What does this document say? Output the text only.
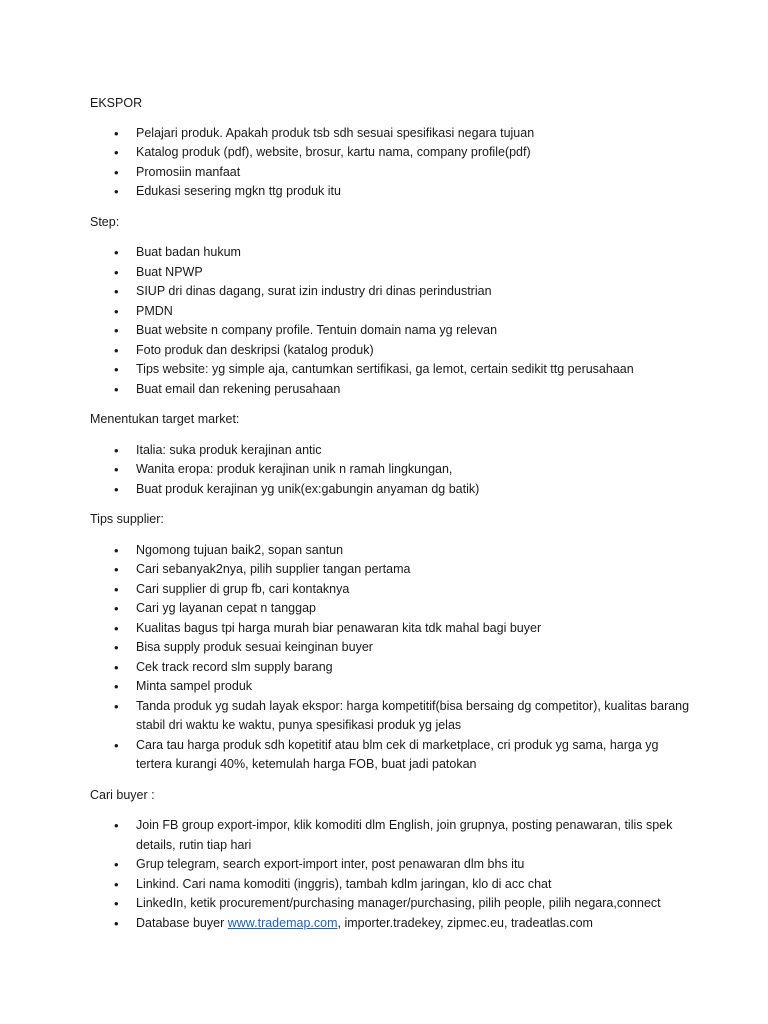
EKSPOR

• Pelajari produk. Apakah produk tsb sdh sesuai spesifikasi negara tujuan
• Katalog produk (pdf), website, brosur, kartu nama, company profile(pdf)
• Promosiin manfaat
• Edukasi sesering mgkn ttg produk itu

Step:

• Buat badan hukum
• Buat NPWP
• SIUP dri dinas dagang, surat izin industry dri dinas perindustrian
• PMDN
• Buat website n company profile. Tentuin domain nama yg relevan
• Foto produk dan deskripsi (katalog produk)
• Tips website: yg simple aja, cantumkan sertifikasi, ga lemot, certain sedikit ttg perusahaan
• Buat email dan rekening perusahaan

Menentukan target market:

• Italia: suka produk kerajinan antic
• Wanita eropa: produk kerajinan unik n ramah lingkungan,
• Buat produk kerajinan yg unik(ex:gabungin anyaman dg batik)

Tips supplier:

• Ngomong tujuan baik2, sopan santun
• Cari sebanyak2nya, pilih supplier tangan pertama
• Cari supplier di grup fb, cari kontaknya
• Cari yg layanan cepat n tanggap
• Kualitas bagus tpi harga murah biar penawaran kita tdk mahal bagi buyer
• Bisa supply produk sesuai keinginan buyer
• Cek track record slm supply barang
• Minta sampel produk
• Tanda produk yg sudah layak ekspor: harga kompetitif(bisa bersaing dg competitor), kualitas barang stabil dri waktu ke waktu, punya spesifikasi produk yg jelas
• Cara tau harga produk sdh kopetitif atau blm cek di marketplace, cri produk yg sama, harga yg tertera kurangi 40%, ketemulah harga FOB, buat jadi patokan

Cari buyer :

• Join FB group export-impor, klik komoditi dlm English, join grupnya, posting penawaran, tilis spek details, rutin tiap hari
• Grup telegram, search export-import inter, post penawaran dlm bhs itu
• Linkind. Cari nama komoditi (inggris), tambah kdlm jaringan, klo di acc chat
• LinkedIn, ketik procurement/purchasing manager/purchasing, pilih people, pilih negara,connect
• Database buyer www.trademap.com, importer.tradekey, zipmec.eu, tradeatlas.com
